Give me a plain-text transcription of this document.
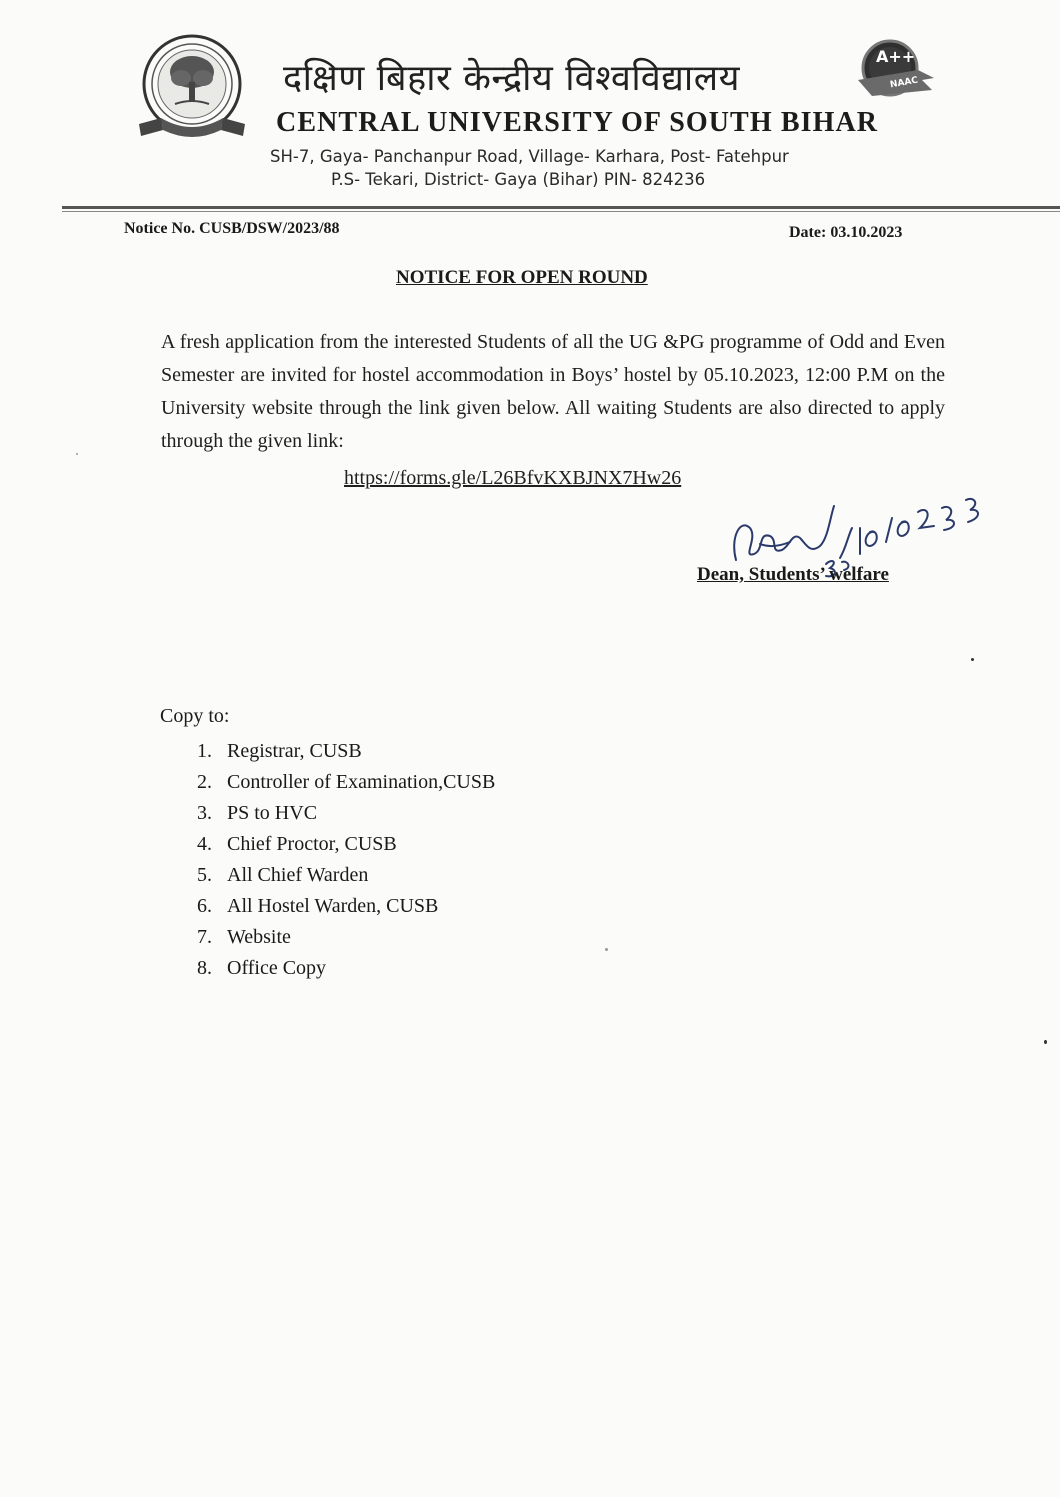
A++
NAAC
दक्षिण बिहार केन्द्रीय विश्वविद्यालय
CENTRAL UNIVERSITY OF SOUTH BIHAR
SH-7, Gaya- Panchanpur Road, Village- Karhara, Post- Fatehpur
P.S- Tekari, District- Gaya (Bihar) PIN- 824236
Notice No. CUSB/DSW/2023/88	Date: 03.10.2023
NOTICE FOR OPEN ROUND
A fresh application from the interested Students of all the UG &PG programme of Odd and Even Semester are invited for hostel accommodation in Boys’ hostel by 05.10.2023, 12:00 P.M on the University website through the link given below. All waiting Students are also directed to apply through the given link:
https://forms.gle/L26BfvKXBJNX7Hw26
Dean, Students’ welfare
Copy to:
1. Registrar, CUSB
2. Controller of Examination,CUSB
3. PS to HVC
4. Chief Proctor, CUSB
5. All Chief Warden
6. All Hostel Warden, CUSB
7. Website
8. Office Copy
